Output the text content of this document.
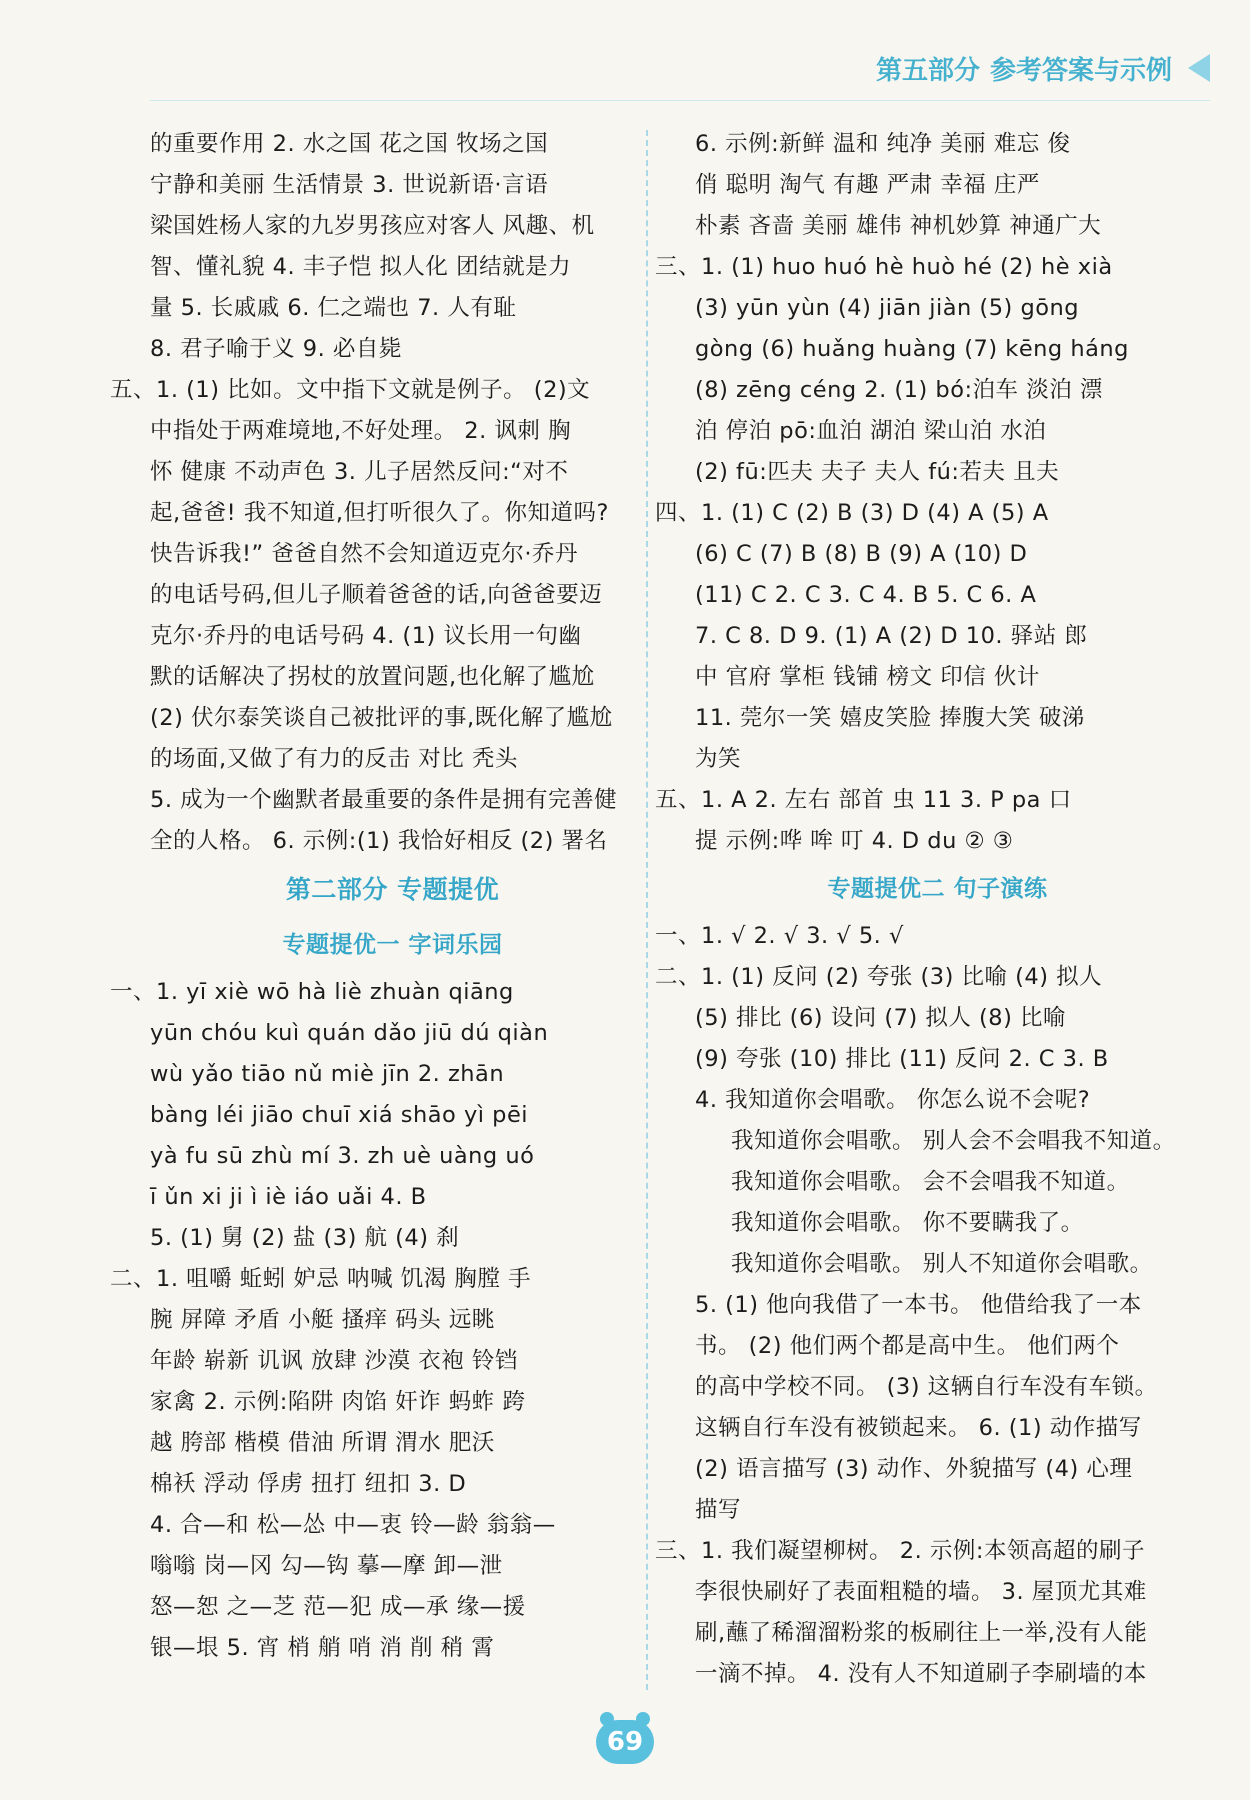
第五部分 参考答案与示例
的重要作用 2. 水之国 花之国 牧场之国
宁静和美丽 生活情景 3. 世说新语·言语
梁国姓杨人家的九岁男孩应对客人 风趣、机
智、懂礼貌 4. 丰子恺 拟人化 团结就是力
量 5. 长戚戚 6. 仁之端也 7. 人有耻
8. 君子喻于义 9. 必自毙
五、1. (1) 比如。文中指下文就是例子。 (2)文
中指处于两难境地,不好处理。 2. 讽刺 胸
怀 健康 不动声色 3. 儿子居然反问:“对不
起,爸爸! 我不知道,但打听很久了。你知道吗?
快告诉我!” 爸爸自然不会知道迈克尔·乔丹
的电话号码,但儿子顺着爸爸的话,向爸爸要迈
克尔·乔丹的电话号码 4. (1) 议长用一句幽
默的话解决了拐杖的放置问题,也化解了尴尬
(2) 伏尔泰笑谈自己被批评的事,既化解了尴尬
的场面,又做了有力的反击 对比 秃头
5. 成为一个幽默者最重要的条件是拥有完善健
全的人格。 6. 示例:(1) 我恰好相反 (2) 署名
第二部分 专题提优
专题提优一 字词乐园
一、1. yī xiè wō hà liè zhuàn qiāng
yūn chóu kuì quán dǎo jiū dú qiàn
wù yǎo tiāo nǔ miè jīn 2. zhān
bàng léi jiāo chuī xiá shāo yì pēi
yà fu sū zhù mí 3. zh uè uàng uó
ī ǔn xi ji ì iè iáo uǎi 4. B
5. (1) 舅 (2) 盐 (3) 航 (4) 刹
二、1. 咀嚼 蚯蚓 妒忌 呐喊 饥渴 胸膛 手
腕 屏障 矛盾 小艇 搔痒 码头 远眺
年龄 崭新 讥讽 放肆 沙漠 衣袍 铃铛
家禽 2. 示例:陷阱 肉馅 奸诈 蚂蚱 跨
越 胯部 楷模 借油 所谓 渭水 肥沃
棉袄 浮动 俘虏 扭打 纽扣 3. D
4. 合—和 松—怂 中—衷 铃—龄 翁翁—
嗡嗡 岗—冈 勾—钩 摹—摩 卸—泄
怒—恕 之—芝 范—犯 成—承 缘—援
银—垠 5. 宵 梢 艄 哨 消 削 稍 霄
6. 示例:新鲜 温和 纯净 美丽 难忘 俊
俏 聪明 淘气 有趣 严肃 幸福 庄严
朴素 吝啬 美丽 雄伟 神机妙算 神通广大
三、1. (1) huo huó hè huò hé (2) hè xià
(3) yūn yùn (4) jiān jiàn (5) gōng
gòng (6) huǎng huàng (7) kēng háng
(8) zēng céng 2. (1) bó:泊车 淡泊 漂
泊 停泊 pō:血泊 湖泊 梁山泊 水泊
(2) fū:匹夫 夫子 夫人 fú:若夫 且夫
四、1. (1) C (2) B (3) D (4) A (5) A
(6) C (7) B (8) B (9) A (10) D
(11) C 2. C 3. C 4. B 5. C 6. A
7. C 8. D 9. (1) A (2) D 10. 驿站 郎
中 官府 掌柜 钱铺 榜文 印信 伙计
11. 莞尔一笑 嬉皮笑脸 捧腹大笑 破涕
为笑
五、1. A 2. 左右 部首 虫 11 3. P pa 口
提 示例:哗 哞 叮 4. D du ② ③
专题提优二 句子演练
一、1. √ 2. √ 3. √ 5. √
二、1. (1) 反问 (2) 夸张 (3) 比喻 (4) 拟人
(5) 排比 (6) 设问 (7) 拟人 (8) 比喻
(9) 夸张 (10) 排比 (11) 反问 2. C 3. B
4. 我知道你会唱歌。 你怎么说不会呢?
我知道你会唱歌。 别人会不会唱我不知道。
我知道你会唱歌。 会不会唱我不知道。
我知道你会唱歌。 你不要瞒我了。
我知道你会唱歌。 别人不知道你会唱歌。
5. (1) 他向我借了一本书。 他借给我了一本
书。 (2) 他们两个都是高中生。 他们两个
的高中学校不同。 (3) 这辆自行车没有车锁。
这辆自行车没有被锁起来。 6. (1) 动作描写
(2) 语言描写 (3) 动作、外貌描写 (4) 心理
描写
三、1. 我们凝望柳树。 2. 示例:本领高超的刷子
李很快刷好了表面粗糙的墙。 3. 屋顶尤其难
刷,蘸了稀溜溜粉浆的板刷往上一举,没有人能
一滴不掉。 4. 没有人不知道刷子李刷墙的本
69
